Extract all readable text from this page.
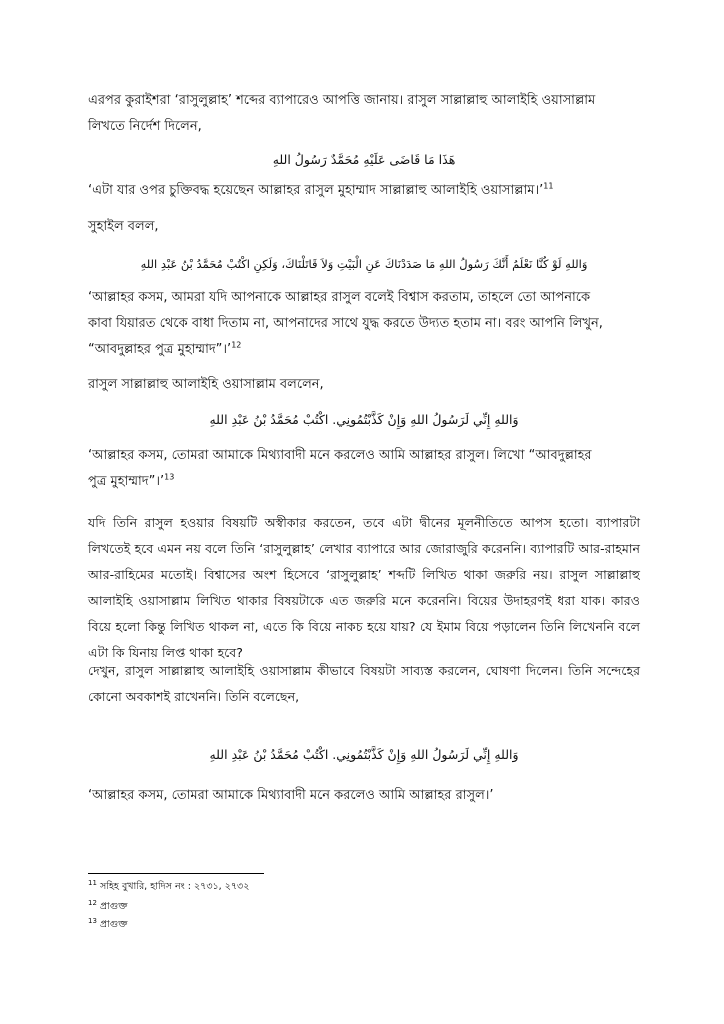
এরপর কুরাইশরা ‘রাসুলুল্লাহ’ শব্দের ব্যাপারেও আপত্তি জানায়। রাসুল সাল্লাল্লাহু আলাইহি ওয়াসাল্লাম
লিখতে নির্দেশ দিলেন,

هَذَا مَا قَاضَى عَلَيْهِ مُحَمَّدٌ رَسُولُ اللهِ

‘এটা যার ওপর চুক্তিবদ্ধ হয়েছেন আল্লাহর রাসুল মুহাম্মাদ সাল্লাল্লাহু আলাইহি ওয়াসাল্লাম।’$^{11}$

সুহাইল বলল,

وَاللهِ لَوْ كُنَّا نَعْلَمُ أَنَّكَ رَسُولُ اللهِ مَا صَدَدْنَاكَ عَنِ الْبَيْتِ وَلاَ قَاتَلْنَاكَ، وَلَكِنِ اكْتُبْ مُحَمَّدُ بْنُ عَبْدِ اللهِ

‘আল্লাহর কসম, আমরা যদি আপনাকে আল্লাহর রাসুল বলেই বিশ্বাস করতাম, তাহলে তো আপনাকে
কাবা যিয়ারত থেকে বাধা দিতাম না, আপনাদের সাথে যুদ্ধ করতে উদ্যত হতাম না। বরং আপনি লিখুন,
“আবদুল্লাহর পুত্র মুহাম্মাদ”।’$^{12}$

রাসুল সাল্লাল্লাহু আলাইহি ওয়াসাল্লাম বললেন,

وَاللهِ إِنِّي لَرَسُولُ اللهِ وَإِنْ كَذَّبْتُمُونِي. اكْتُبْ مُحَمَّدُ بْنُ عَبْدِ اللهِ

‘আল্লাহর কসম, তোমরা আমাকে মিথ্যাবাদী মনে করলেও আমি আল্লাহর রাসুল। লিখো “আবদুল্লাহর
পুত্র মুহাম্মাদ”।’$^{13}$

যদি তিনি রাসুল হওয়ার বিষয়টি অস্বীকার করতেন, তবে এটা দ্বীনের মূলনীতিতে আপস হতো। ব্যাপারটা লিখতেই হবে এমন নয় বলে তিনি ‘রাসুলুল্লাহ’ লেখার ব্যাপারে আর জোরাজুরি করেননি। ব্যাপারটি আর-রাহমান আর-রাহিমের মতোই। বিশ্বাসের অংশ হিসেবে ‘রাসুলুল্লাহ’ শব্দটি লিখিত থাকা জরুরি নয়। রাসুল সাল্লাল্লাহু আলাইহি ওয়াসাল্লাম লিখিত থাকার বিষয়টাকে এত জরুরি মনে করেননি। বিয়ের উদাহরণই ধরা যাক। কারও বিয়ে হলো কিন্তু লিখিত থাকল না, এতে কি বিয়ে নাকচ হয়ে যায়? যে ইমাম বিয়ে পড়ালেন তিনি লিখেননি বলে এটা কি যিনায় লিপ্ত থাকা হবে?

দেখুন, রাসুল সাল্লাল্লাহু আলাইহি ওয়াসাল্লাম কীভাবে বিষয়টা সাব্যস্ত করলেন, ঘোষণা দিলেন। তিনি সন্দেহের কোনো অবকাশই রাখেননি। তিনি বলেছেন,

وَاللهِ إِنِّي لَرَسُولُ اللهِ وَإِنْ كَذَّبْتُمُونِي. اكْتُبْ مُحَمَّدُ بْنُ عَبْدِ اللهِ

‘আল্লাহর কসম, তোমরা আমাকে মিথ্যাবাদী মনে করলেও আমি আল্লাহর রাসুল।’

$^{11}$ সহিহ বুখারি, হাদিস নং : ২৭৩১, ২৭৩২
$^{12}$ প্রাগুক্ত
$^{13}$ প্রাগুক্ত
